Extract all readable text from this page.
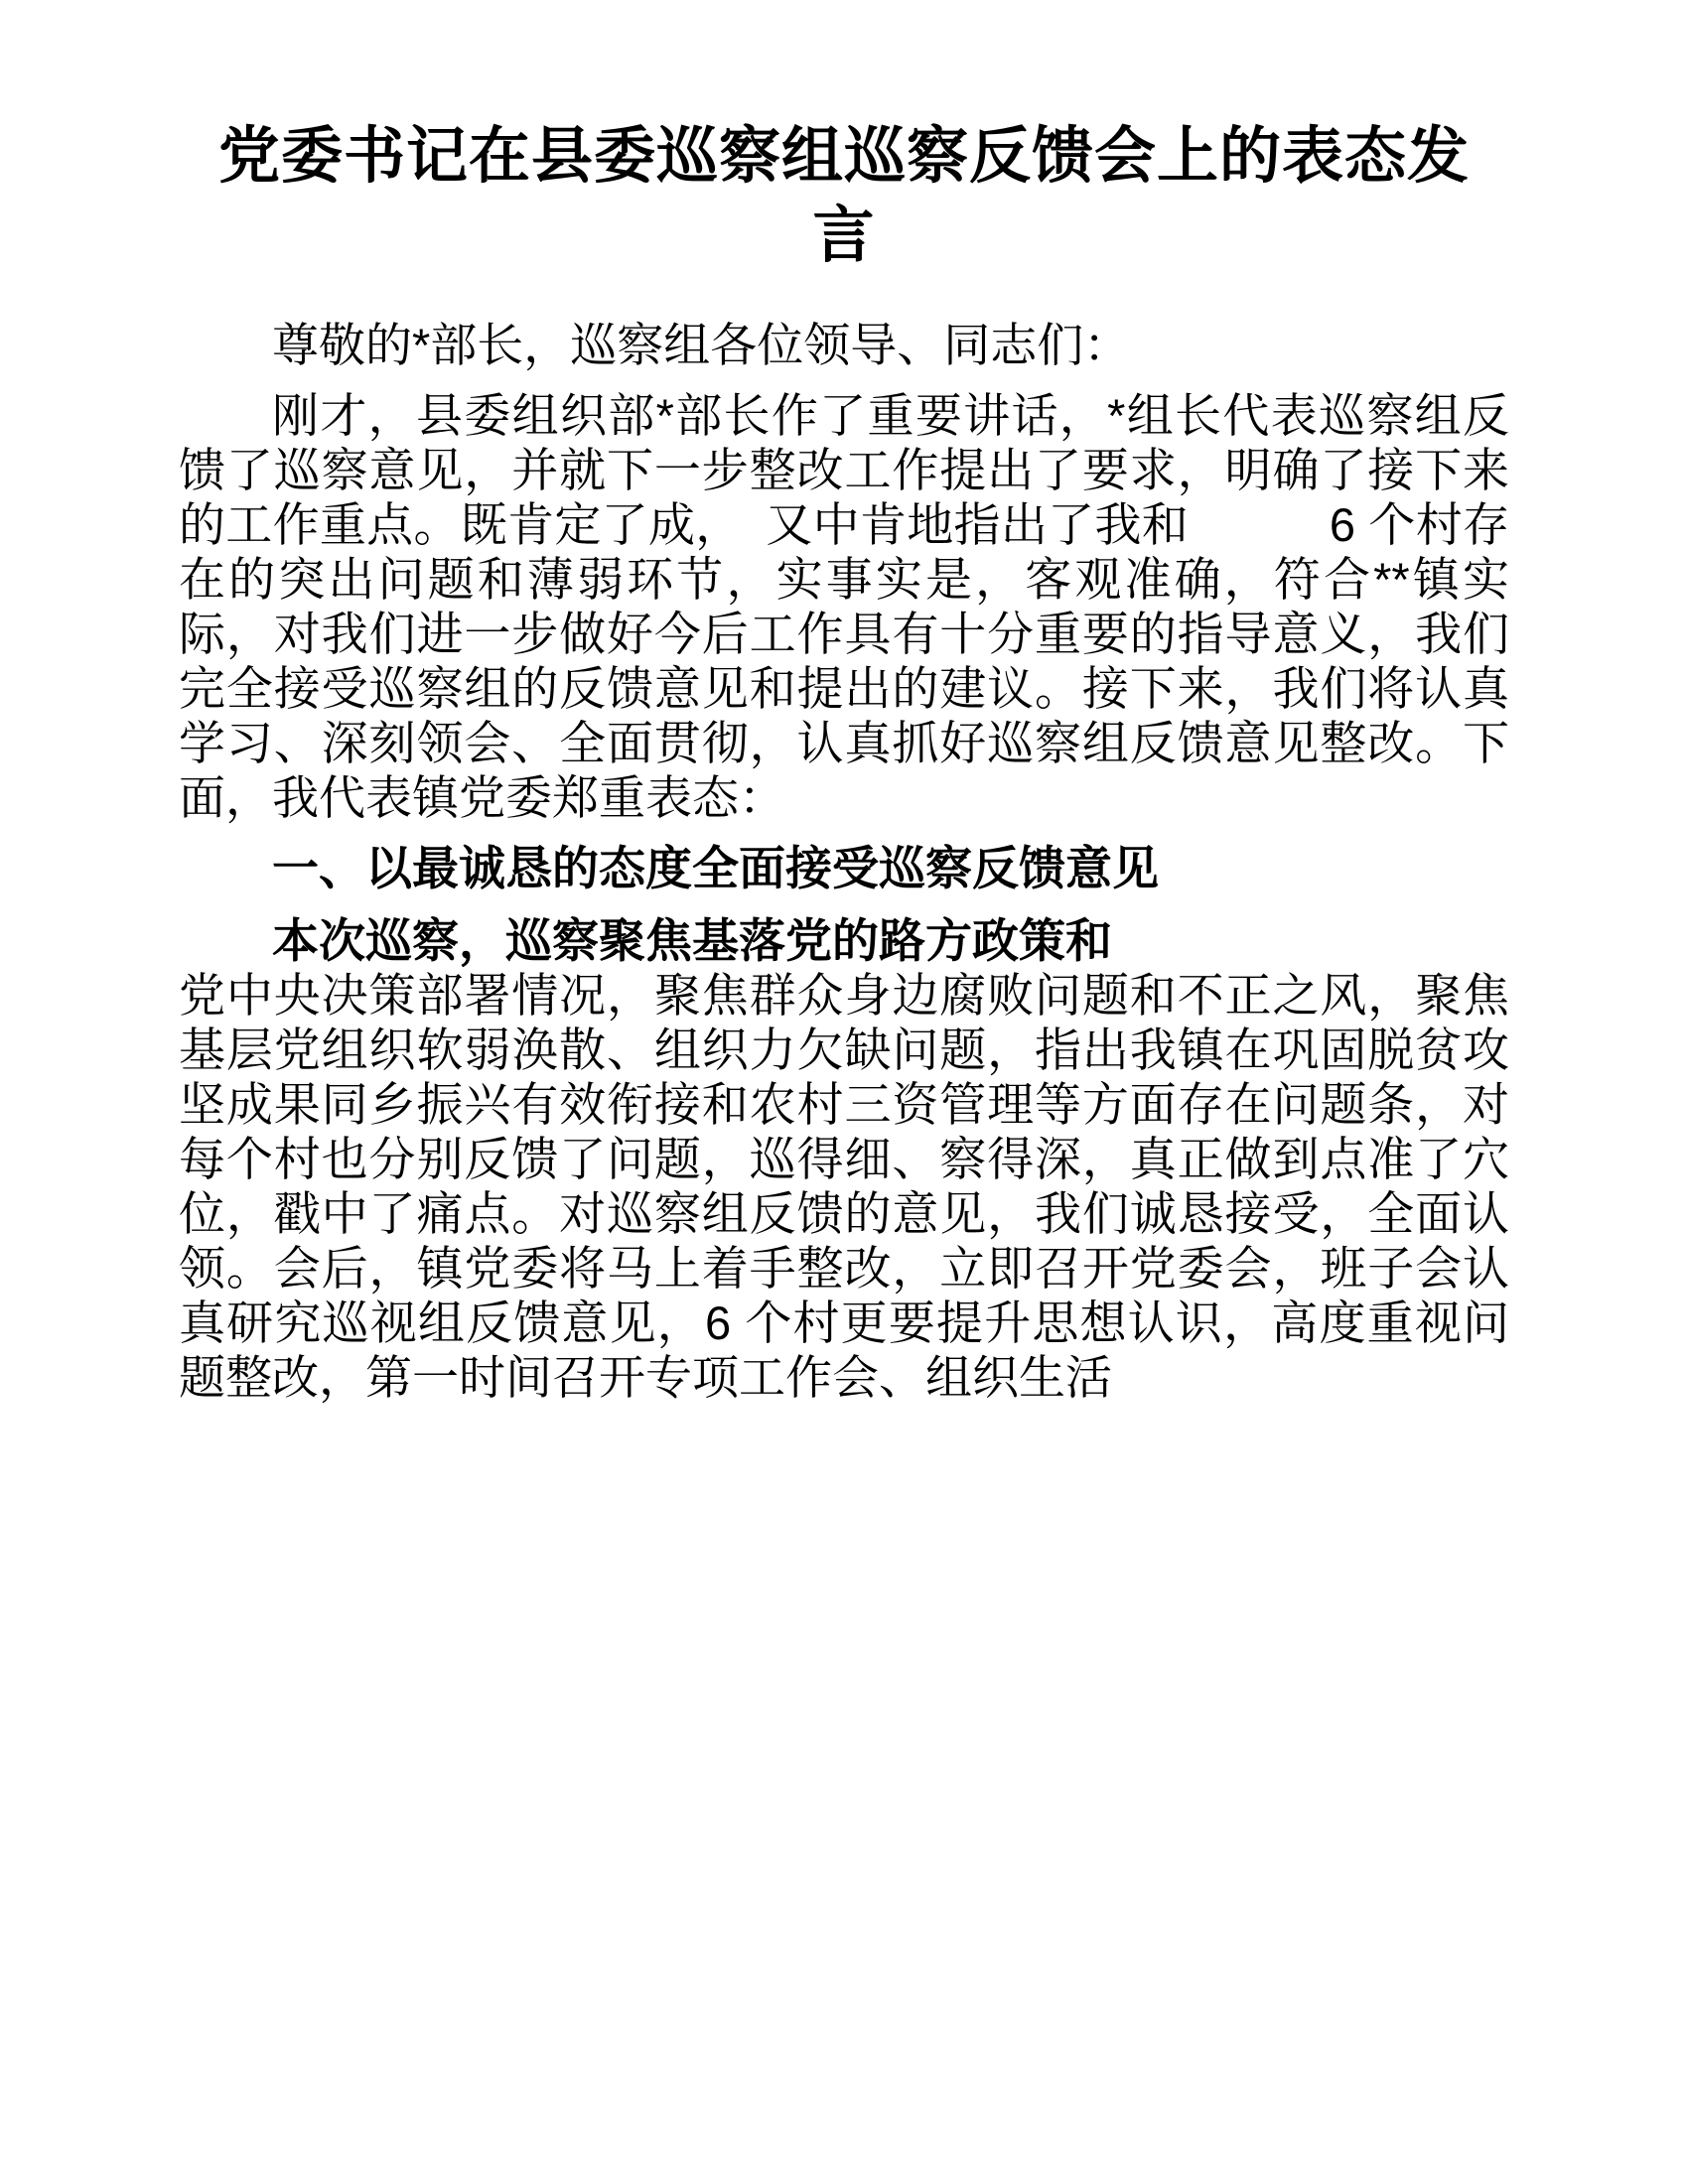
党委书记在县委巡察组巡察反馈会上的表态发言

尊敬的*部长，巡察组各位领导、同志们：

刚才，县委组织部*部长作了重要讲话，*组长代表巡察组反馈了巡察意见，并就下一步整改工作提出了要求，明确了接下来的工作重点。既肯定了成，　又中肯地指出了我和　　　6 个村存在的突出问题和薄弱环节，实事实是，客观准确，符合**镇实际，对我们进一步做好今后工作具有十分重要的指导意义，我们完全接受巡察组的反馈意见和提出的建议。接下来，我们将认真学习、深刻领会、全面贯彻，认真抓好巡察组反馈意见整改。下面，我代表镇党委郑重表态：

一、以最诚恳的态度全面接受巡察反馈意见

本次巡察，巡察聚焦基落党的路方政策和
党中央决策部署情况，聚焦群众身边腐败问题和不正之风，聚焦基层党组织软弱涣散、组织力欠缺问题，指出我镇在巩固脱贫攻坚成果同乡振兴有效衔接和农村三资管理等方面存在问题条，对每个村也分别反馈了问题，巡得细、察得深，真正做到点准了穴位，戳中了痛点。对巡察组反馈的意见，我们诚恳接受，全面认领。会后，镇党委将马上着手整改，立即召开党委会，班子会认真研究巡视组反馈意见，6 个村更要提升思想认识，高度重视问题整改，第一时间召开专项工作会、组织生活
